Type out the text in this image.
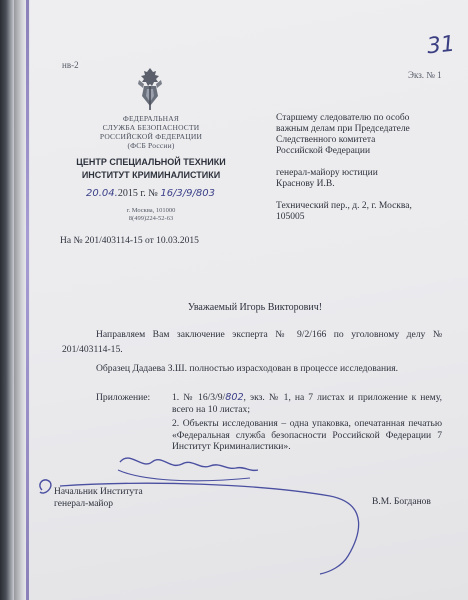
нв-2
31
Экз. № 1
ФЕДЕРАЛЬНАЯ
СЛУЖБА БЕЗОПАСНОСТИ
РОССИЙСКОЙ ФЕДЕРАЦИИ
(ФСБ России)
ЦЕНТР СПЕЦИАЛЬНОЙ ТЕХНИКИ
ИНСТИТУТ КРИМИНАЛИСТИКИ
20.04.2015 г. № 16/3/9/803
г. Москва, 101000
8(499)224-52-63
На № 201/403114-15 от 10.03.2015
Старшему следователю по особо
важным делам при Председателе
Следственного комитета
Российской Федерации
генерал-майору юстиции
Краснову И.В.
Технический пер., д. 2, г. Москва,
105005
Уважаемый Игорь Викторович!
Направляем Вам заключение эксперта № 9/2/166 по уголовному делу № 201/403114-15.
Образец Дадаева З.Ш. полностью израсходован в процессе исследования.
Приложение: 1. № 16/3/9/802, экз. № 1, на 7 листах и приложение к нему, всего на 10 листах;
2. Объекты исследования – одна упаковка, опечатанная печатью «Федеральная служба безопасности Российской Федерации 7 Институт Криминалистики».
Начальник Института
генерал-майор	В.М. Богданов
